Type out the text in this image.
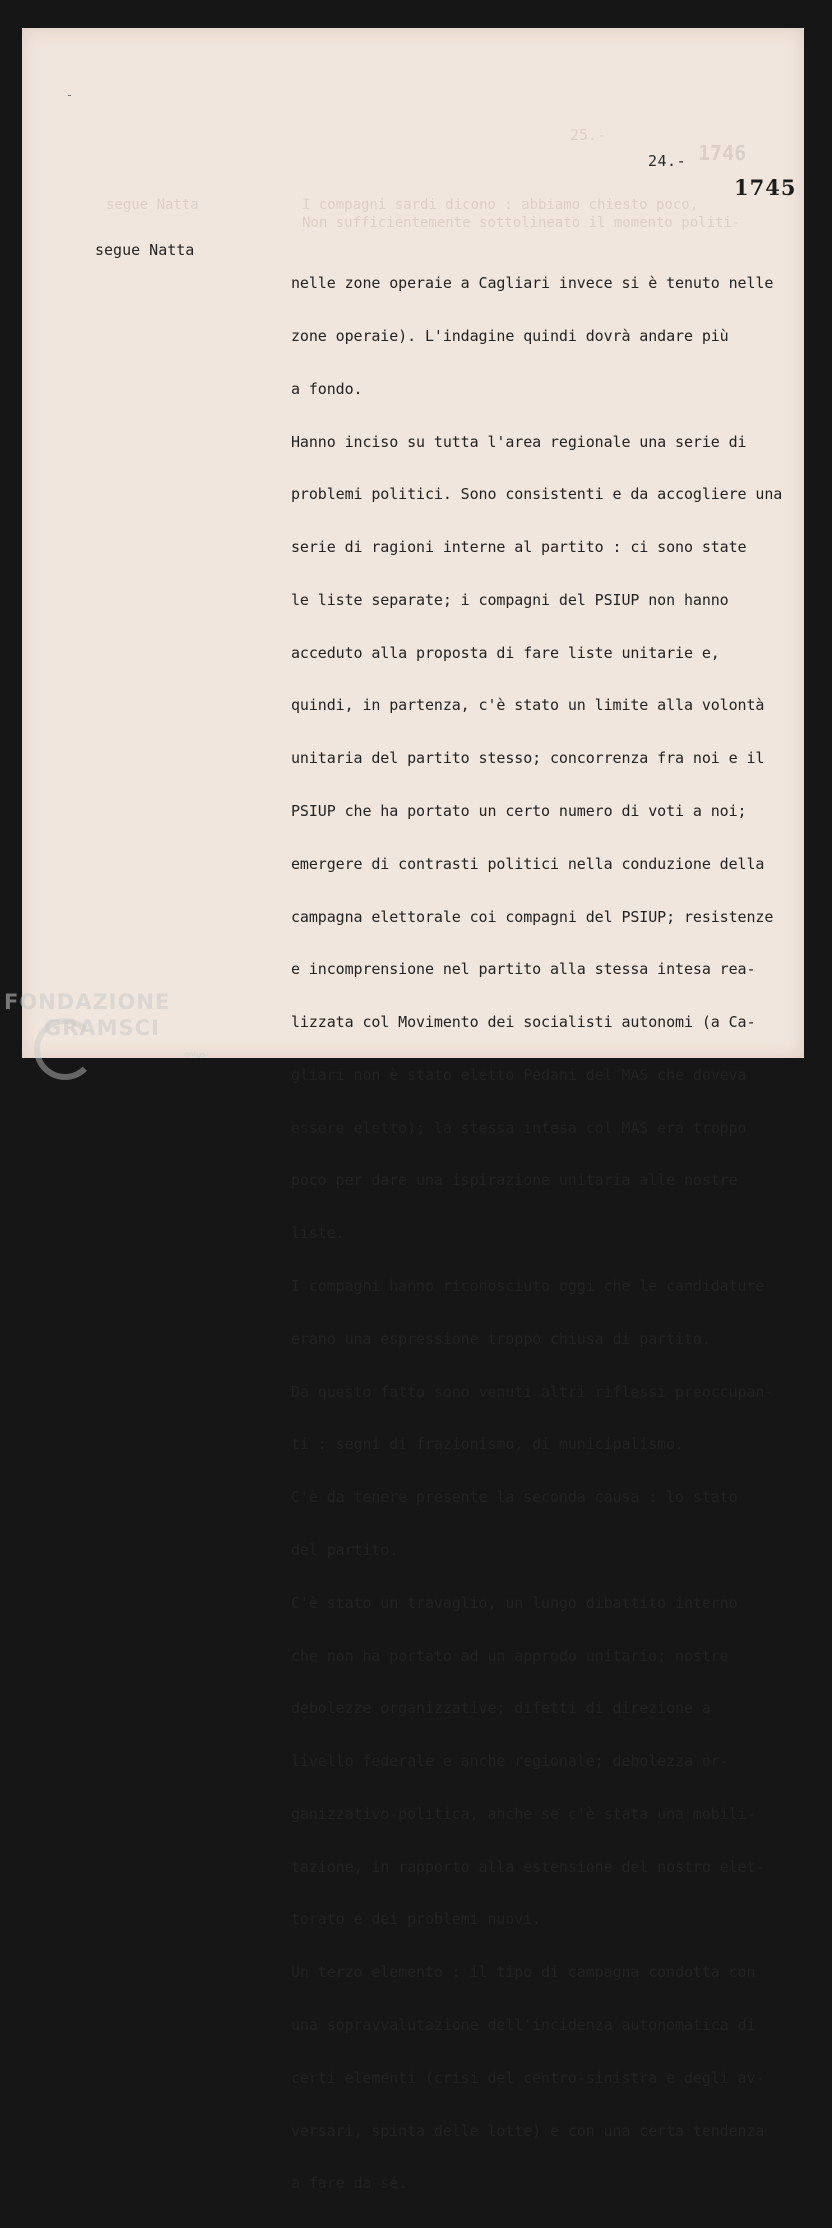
25.-
1746
segue Natta	I compagni sardi dicono : abbiamo chiesto poco,
Non sufficientemente sottolineato il momento politi-
24.-
1745
segue Natta

nelle zone operaie a Cagliari invece si è tenuto nelle

zone operaie). L'indagine quindi dovrà andare più

a fondo.

Hanno inciso su tutta l'area regionale una serie di

problemi politici. Sono consistenti e da accogliere una

serie di ragioni interne al partito : ci sono state

le liste separate; i compagni del PSIUP non hanno

acceduto alla proposta di fare liste unitarie e,

quindi, in partenza, c'è stato un limite alla volontà

unitaria del partito stesso; concorrenza fra noi e il

PSIUP che ha portato un certo numero di voti a noi;

emergere di contrasti politici nella conduzione della

campagna elettorale coi compagni del PSIUP; resistenze

e incomprensione nel partito alla stessa intesa rea-

lizzata col Movimento dei socialisti autonomi (a Ca-

gliari non è stato eletto Pedani del MAS che doveva

essere eletto); la stessa intesa col MAS era troppo

poco per dare una ispirazione unitaria alle nostre

liste.

I compagni hanno riconosciuto oggi che le candidature

erano una espressione troppo chiusa di partito.

Da questo fatto sono venuti altri riflessi preoccupan-

ti : segni di frazionismo, di municipalismo.

C'è da tenere presente la seconda causa : lo stato

del partito.

C'è stato un travaglio, un lungo dibattito interno

che non ha portato ad un approdo unitario; nostre

debolezze organizzative; difetti di direzione a

livello federale e anche regionale; debolezza or-

ganizzativo-politica, anche se c'è stata una mobili-

tazione, in rapporto alla estensione del nostro elet-

torato e dei problemi nuovi.

Un terzo elemento : il tipo di campagna condotta con

una sopravvalutazione dell'incidenza autonomatica di

certi elementi (crisi del centro-sinistra e degli av-

versari, spinta delle lotte) e con una certa tendenza

a fare da sé.

FONDAZIONE
GRAMSCI
onlus
